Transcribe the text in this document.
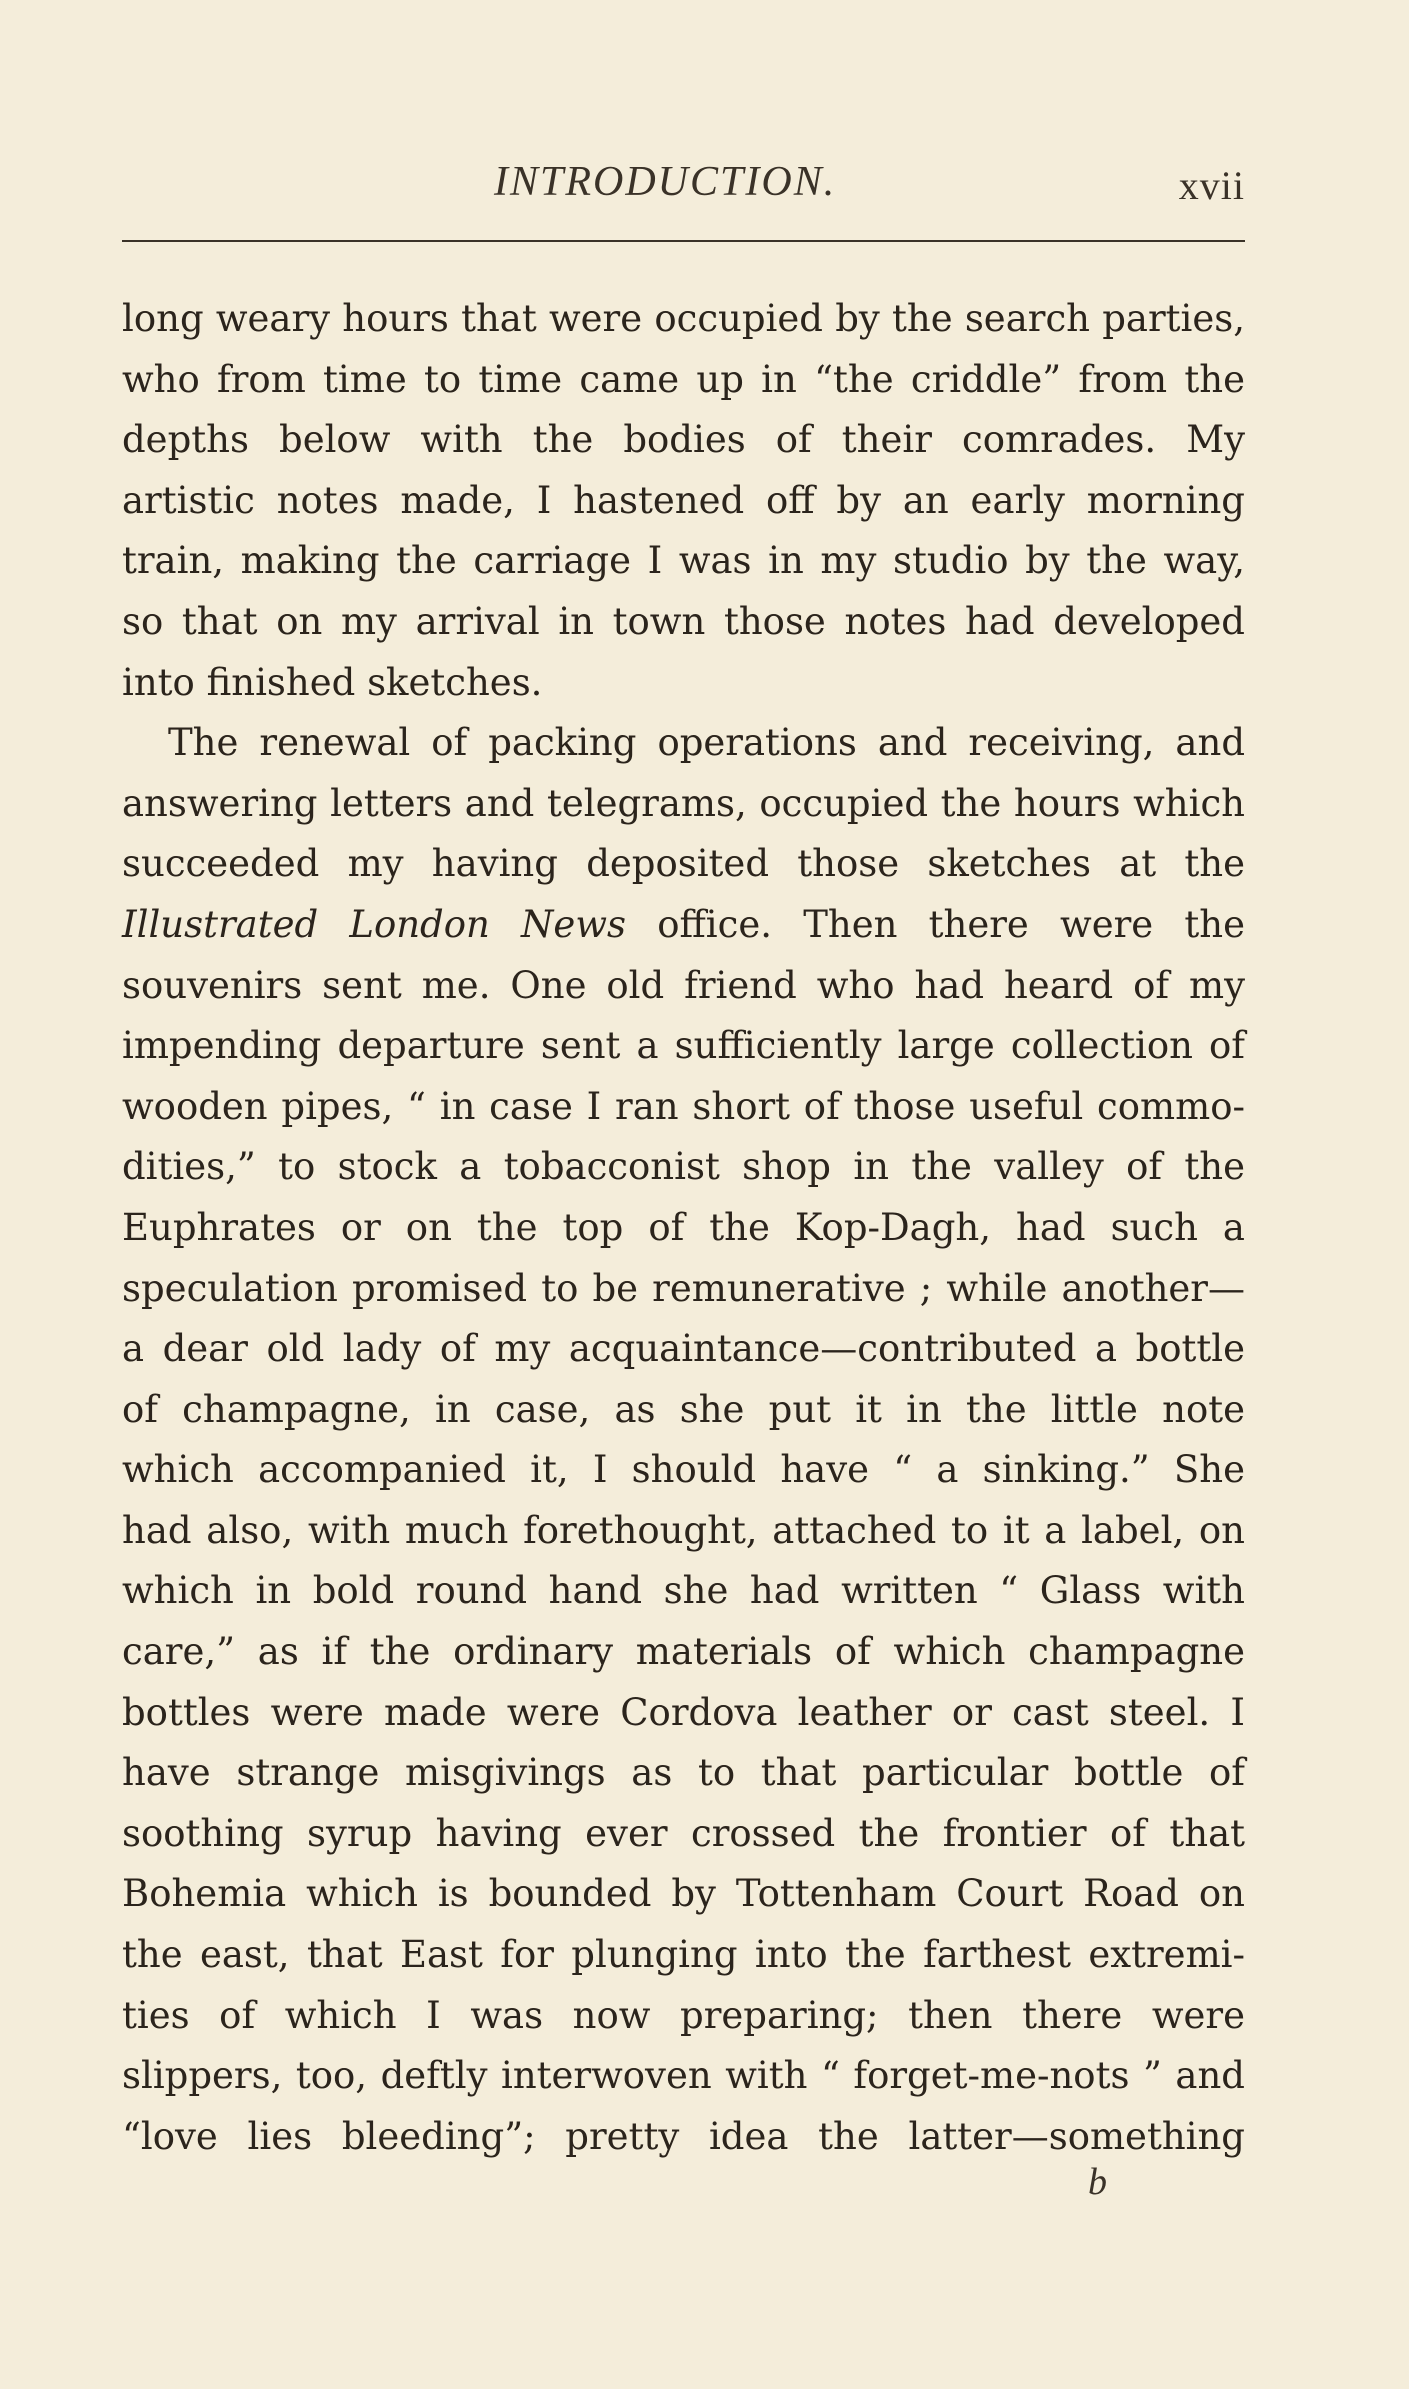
INTRODUCTION.	xvii
long weary hours that were occupied by the search parties,
who from time to time came up in “the criddle” from the
depths below with the bodies of their comrades. My
artistic notes made, I hastened off by an early morning
train, making the carriage I was in my studio by the way,
so that on my arrival in town those notes had developed
into finished sketches.
The renewal of packing operations and receiving, and
answering letters and telegrams, occupied the hours which
succeeded my having deposited those sketches at the
Illustrated London News office. Then there were the
souvenirs sent me. One old friend who had heard of my
impending departure sent a sufficiently large collection of
wooden pipes, “ in case I ran short of those useful commo-
dities,” to stock a tobacconist shop in the valley of the
Euphrates or on the top of the Kop-Dagh, had such a
speculation promised to be remunerative ; while another—
a dear old lady of my acquaintance—contributed a bottle
of champagne, in case, as she put it in the little note
which accompanied it, I should have “ a sinking.” She
had also, with much forethought, attached to it a label, on
which in bold round hand she had written “ Glass with
care,” as if the ordinary materials of which champagne
bottles were made were Cordova leather or cast steel. I
have strange misgivings as to that particular bottle of
soothing syrup having ever crossed the frontier of that
Bohemia which is bounded by Tottenham Court Road on
the east, that East for plunging into the farthest extremi-
ties of which I was now preparing; then there were
slippers, too, deftly interwoven with “ forget-me-nots ” and
“love lies bleeding”; pretty idea the latter—something
b
